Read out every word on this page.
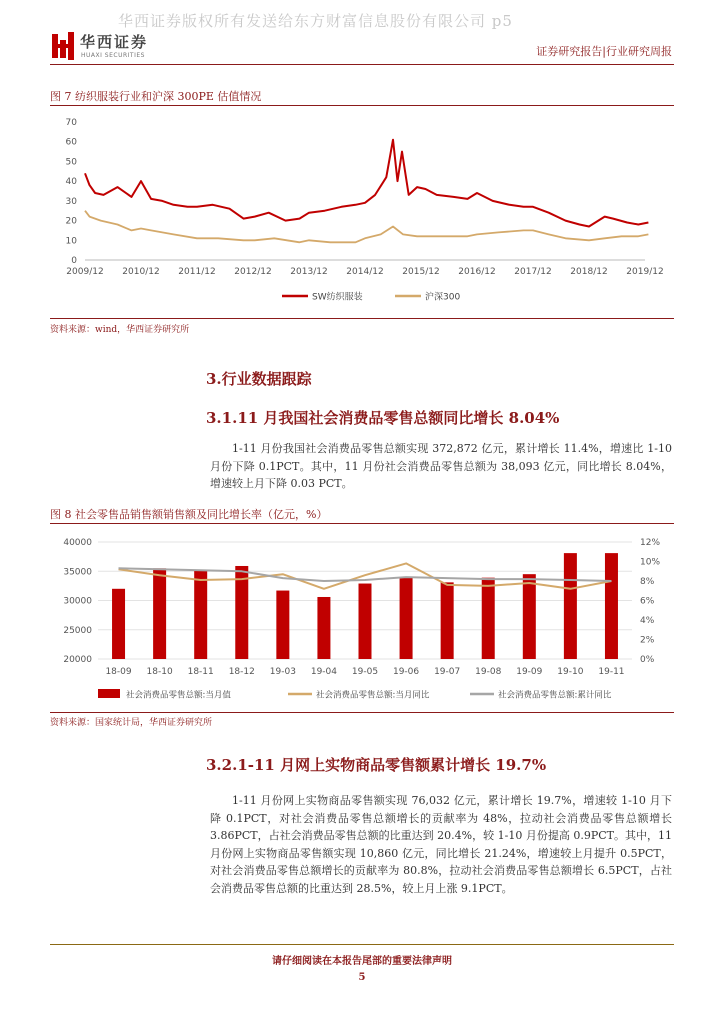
华西证券版权所有发送给东方财富信息股份有限公司 p5
华西证券
HUAXI SECURITIES	证券研究报告|行业研究周报
图 7 纺织服装行业和沪深 300PE 估值情况
0
10
20
30
40
50
60
70
2009/12 2010/12 2011/12 2012/12 2013/12 2014/12 2015/12 2016/12 2017/12 2018/12 2019/12
SW纺织服装	沪深300
资料来源：wind，华西证券研究所
3.行业数据跟踪
3.1.11 月我国社会消费品零售总额同比增长 8.04%
1-11 月份我国社会消费品零售总额实现 372,872 亿元，累计增长 11.4%，增速比 1-10 月份下降 0.1PCT。其中，11 月份社会消费品零售总额为 38,093 亿元，同比增长 8.04%，增速较上月下降 0.03 PCT。
图 8 社会零售品销售额销售额及同比增长率（亿元，%）
20000
25000
30000
35000
40000
0%
2%
4%
6%
8%
10%
12%
18-09 18-10 18-11 18-12 19-03 19-04 19-05 19-06 19-07 19-08 19-09 19-10 19-11
社会消费品零售总额:当月值	社会消费品零售总额:当月同比	社会消费品零售总额:累计同比
资料来源：国家统计局，华西证券研究所
3.2.1-11 月网上实物商品零售额累计增长 19.7%
1-11 月份网上实物商品零售额实现 76,032 亿元，累计增长 19.7%，增速较 1-10 月下降 0.1PCT，对社会消费品零售总额增长的贡献率为 48%，拉动社会消费品零售总额增长 3.86PCT，占社会消费品零售总额的比重达到 20.4%，较 1-10 月份提高 0.9PCT。其中，11 月份网上实物商品零售额实现 10,860 亿元，同比增长 21.24%，增速较上月提升 0.5PCT，对社会消费品零售总额增长的贡献率为 80.8%，拉动社会消费品零售总额增长 6.5PCT，占社会消费品零售总额的比重达到 28.5%，较上月上涨 9.1PCT。
请仔细阅读在本报告尾部的重要法律声明
5
